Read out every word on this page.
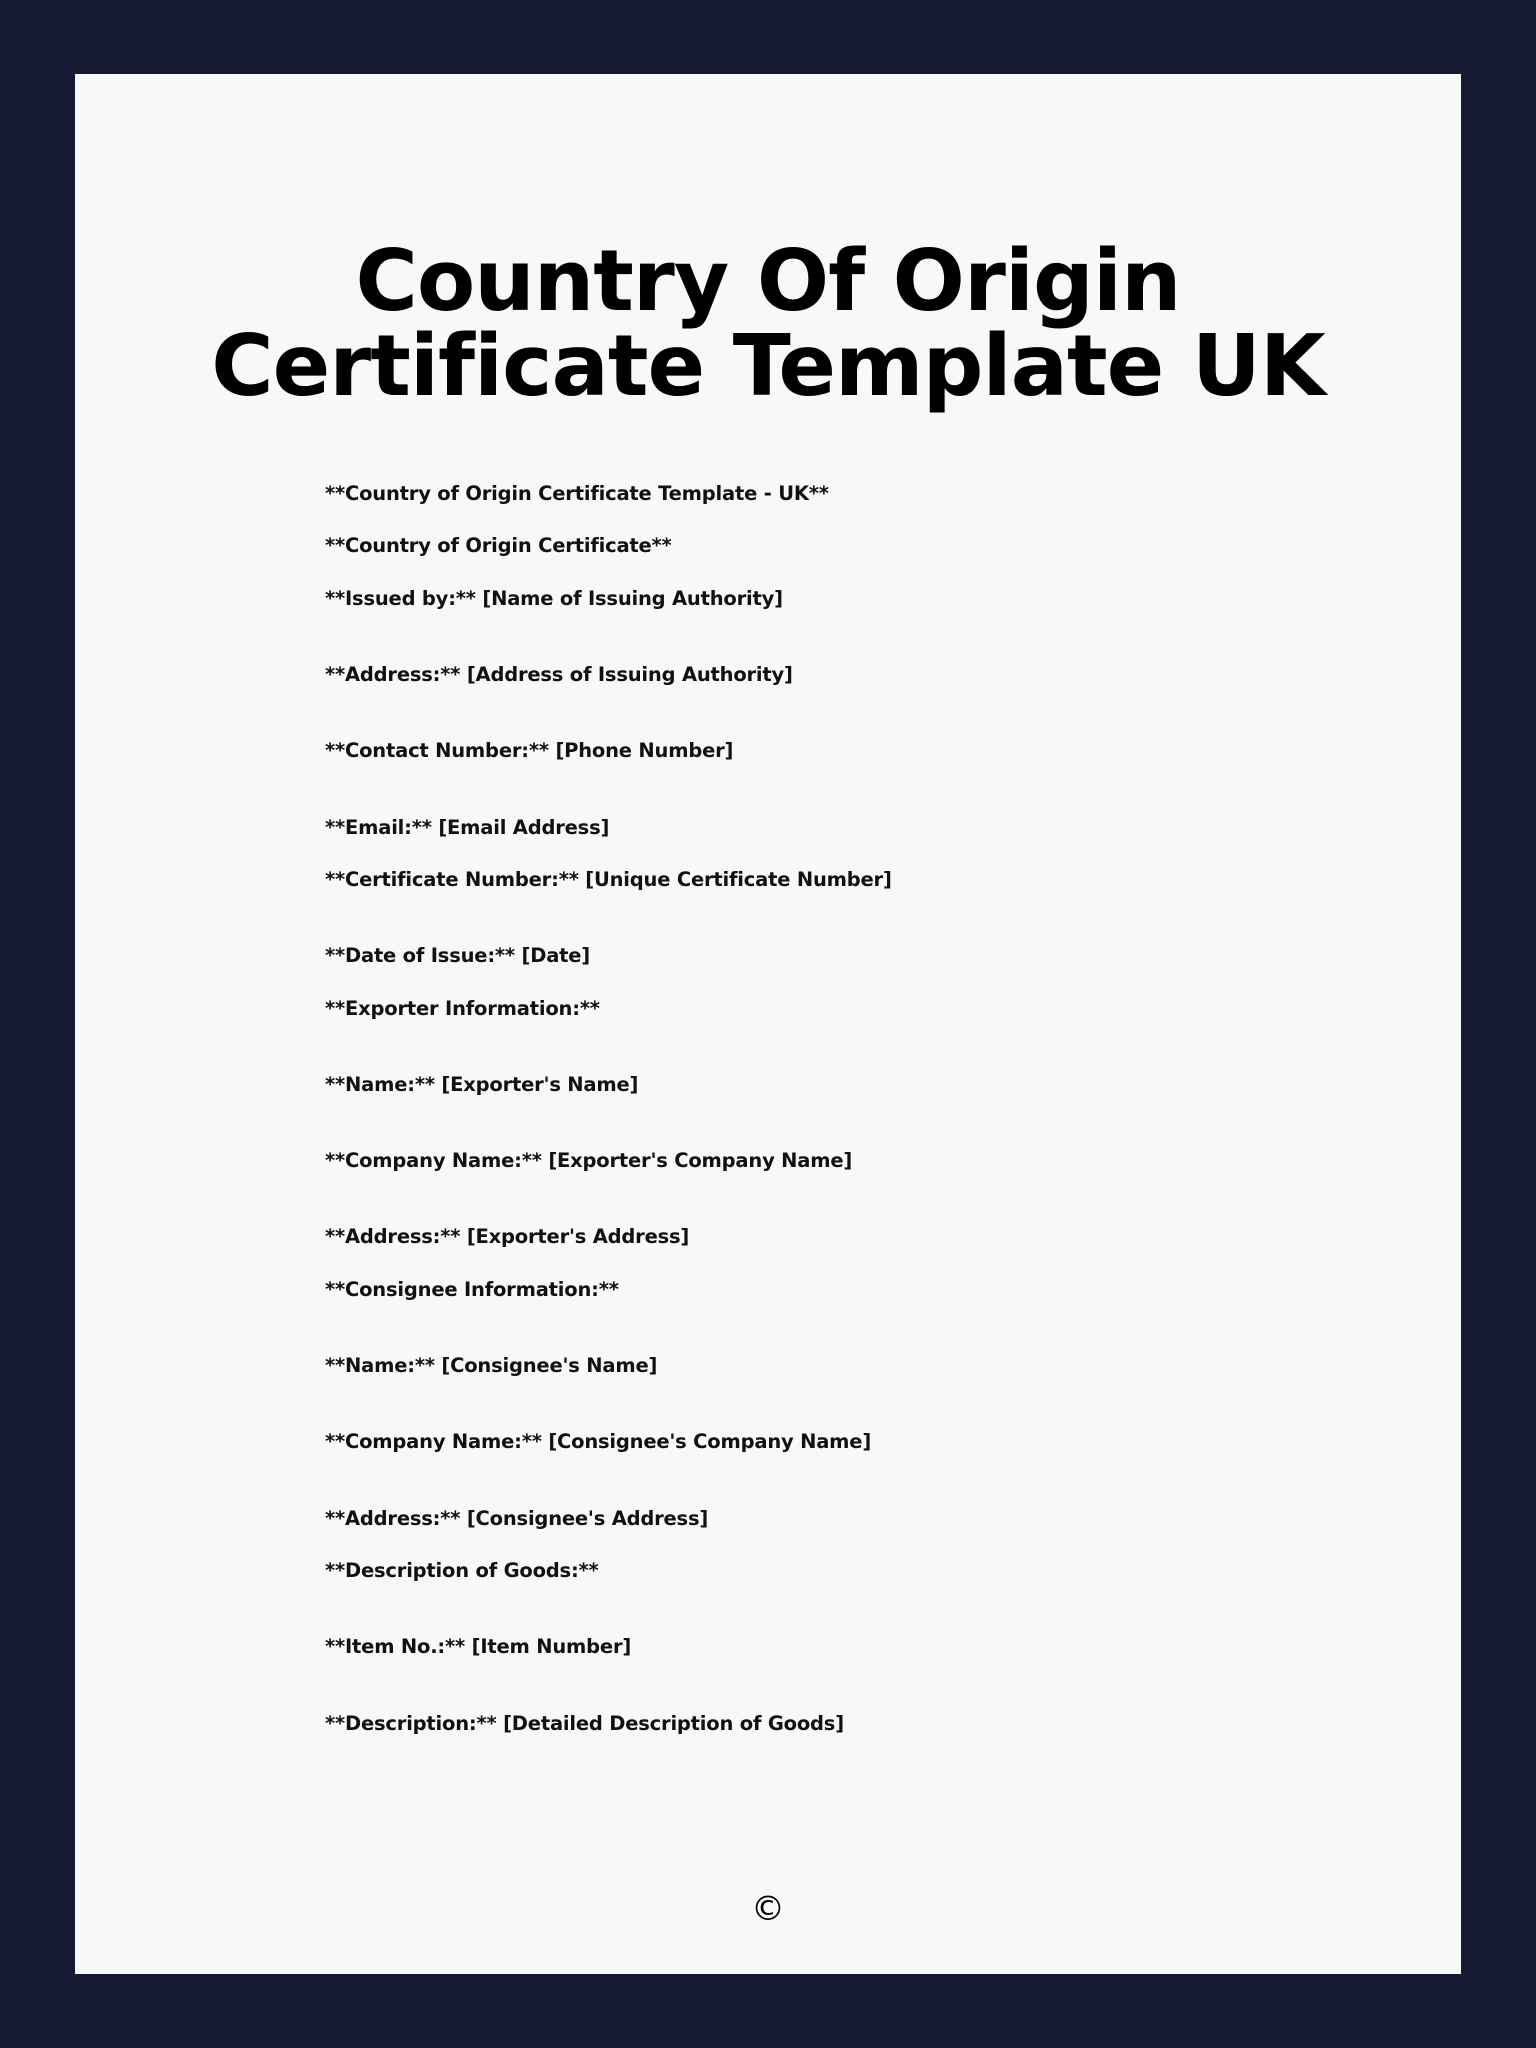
Country Of Origin Certificate Template UK

**Country of Origin Certificate Template - UK**

**Country of Origin Certificate**

**Issued by:** [Name of Issuing Authority]

**Address:** [Address of Issuing Authority]

**Contact Number:** [Phone Number]

**Email:** [Email Address]

**Certificate Number:** [Unique Certificate Number]

**Date of Issue:** [Date]

**Exporter Information:**

**Name:** [Exporter's Name]

**Company Name:** [Exporter's Company Name]

**Address:** [Exporter's Address]

**Consignee Information:**

**Name:** [Consignee's Name]

**Company Name:** [Consignee's Company Name]

**Address:** [Consignee's Address]

**Description of Goods:**

**Item No.:** [Item Number]

**Description:** [Detailed Description of Goods]

©
